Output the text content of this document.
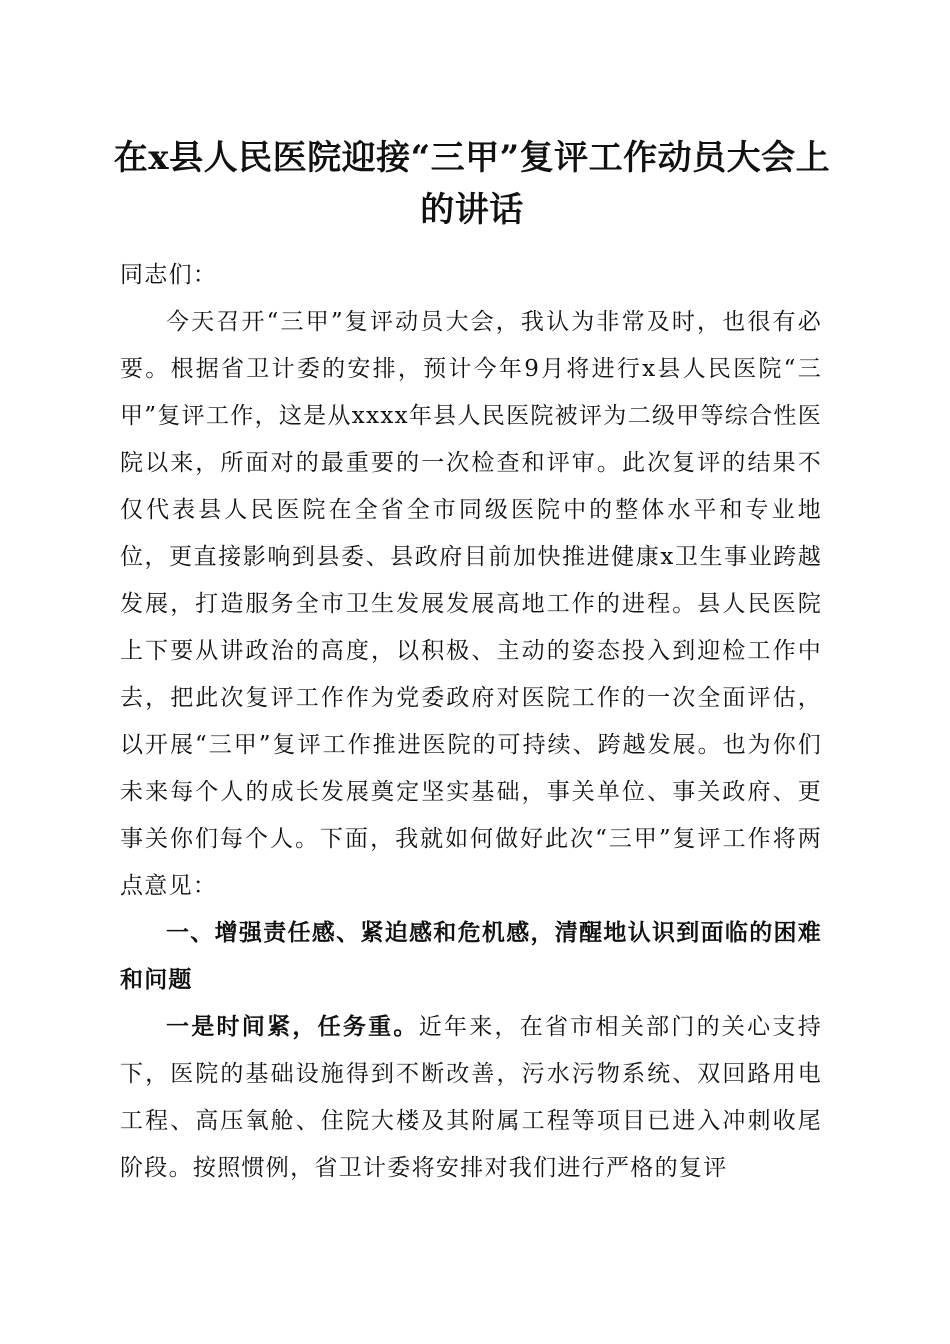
在x县人民医院迎接“三甲”复评工作动员大会上的讲话

同志们：

今天召开“三甲”复评动员大会，我认为非常及时，也很有必要。根据省卫计委的安排，预计今年9月将进行x县人民医院“三甲”复评工作，这是从xxxx年县人民医院被评为二级甲等综合性医院以来，所面对的最重要的一次检查和评审。此次复评的结果不仅代表县人民医院在全省全市同级医院中的整体水平和专业地位，更直接影响到县委、县政府目前加快推进健康x卫生事业跨越发展，打造服务全市卫生发展发展高地工作的进程。县人民医院上下要从讲政治的高度，以积极、主动的姿态投入到迎检工作中去，把此次复评工作作为党委政府对医院工作的一次全面评估，以开展“三甲”复评工作推进医院的可持续、跨越发展。也为你们未来每个人的成长发展奠定坚实基础，事关单位、事关政府、更事关你们每个人。下面，我就如何做好此次“三甲”复评工作将两点意见：

一、增强责任感、紧迫感和危机感，清醒地认识到面临的困难和问题

一是时间紧，任务重。近年来，在省市相关部门的关心支持下，医院的基础设施得到不断改善，污水污物系统、双回路用电工程、高压氧舱、住院大楼及其附属工程等项目已进入冲刺收尾阶段。按照惯例，省卫计委将安排对我们进行严格的复评
